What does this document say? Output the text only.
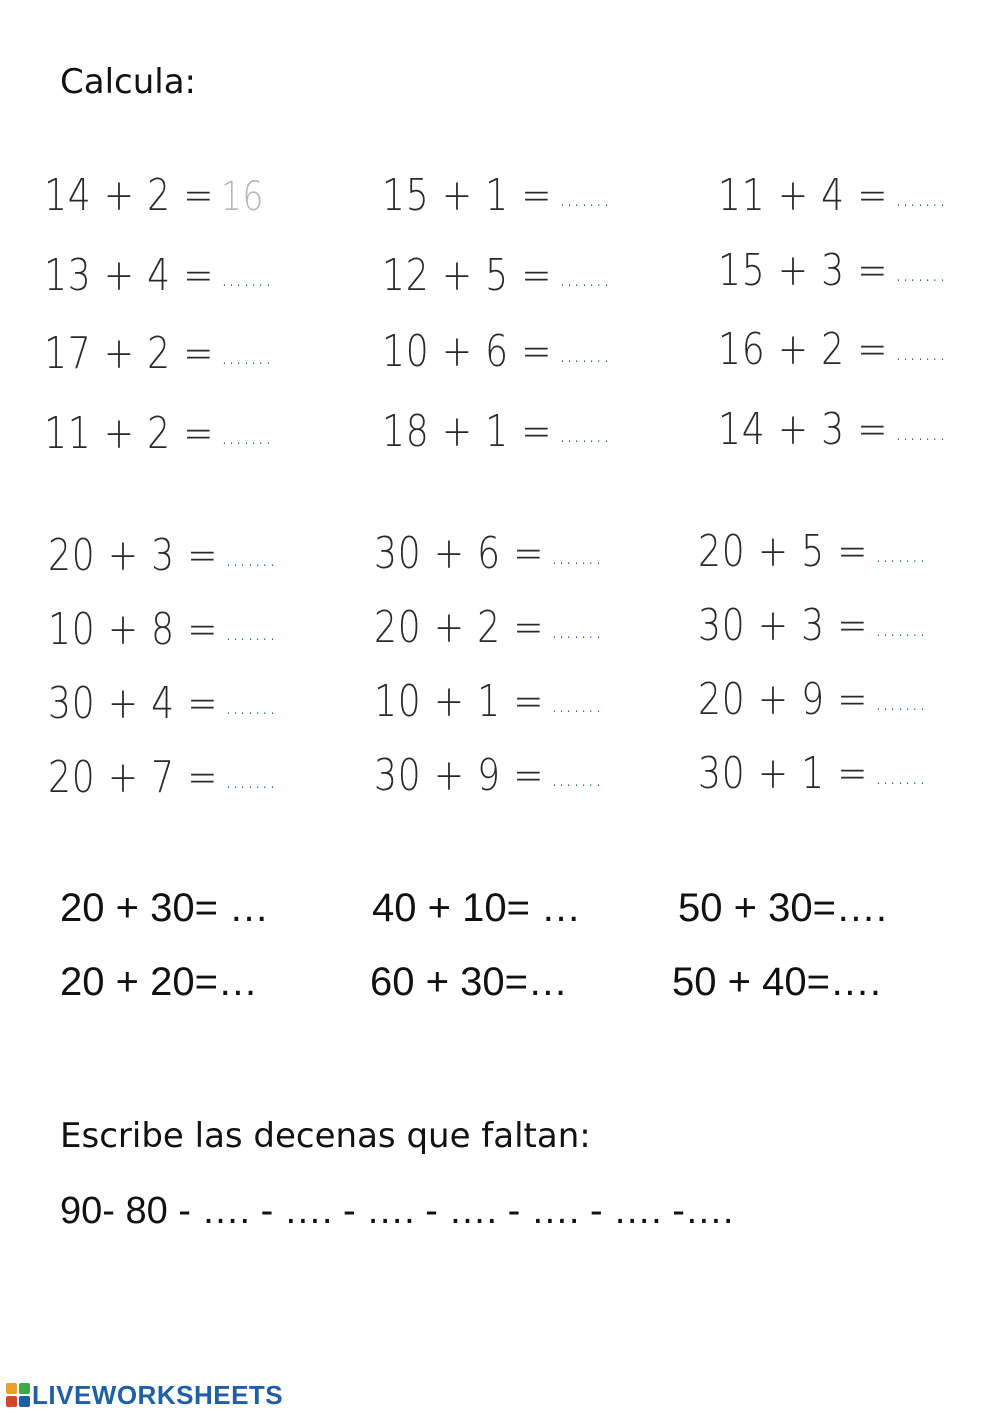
Calcula:
14 + 2 = 16	15 + 1 = ……. 11 + 4 = …….
13 + 4 = ……. 12 + 5 = ……. 15 + 3 = …….
17 + 2 = ……. 10 + 6 = ……. 16 + 2 = …….
11 + 2 = ……. 18 + 1 = ……. 14 + 3 = …….
20 + 3 = ……. 30 + 6 = ……. 20 + 5 = …….
10 + 8 = ……. 20 + 2 = ……. 30 + 3 = …….
30 + 4 = ……. 10 + 1 = ……. 20 + 9 = …….
20 + 7 = ……. 30 + 9 = ……. 30 + 1 = …….
20 + 30= …	40 + 10= … 50 + 30=….
20 + 20=…	60 + 30=…	50 + 40=….
Escribe las decenas que faltan:
90- 80 - …. - …. - …. - …. - …. - …. -….
LIVEWORKSHEETS
